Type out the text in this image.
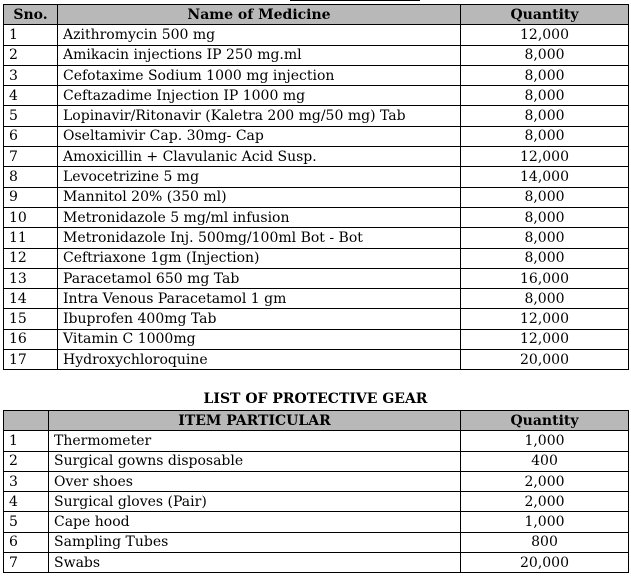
Sno.	Name of Medicine	Quantity
1	Azithromycin 500 mg	12,000
2	Amikacin injections IP 250 mg.ml	8,000
3	Cefotaxime Sodium 1000 mg injection	8,000
4	Ceftazadime Injection IP 1000 mg	8,000
5	Lopinavir/Ritonavir (Kaletra 200 mg/50 mg) Tab	8,000
6	Oseltamivir Cap. 30mg- Cap	8,000
7	Amoxicillin + Clavulanic Acid Susp.	12,000
8	Levocetrizine 5 mg	14,000
9	Mannitol 20% (350 ml)	8,000
10	Metronidazole 5 mg/ml infusion	8,000
11	Metronidazole Inj. 500mg/100ml Bot - Bot	8,000
12	Ceftriaxone 1gm (Injection)	8,000
13	Paracetamol 650 mg Tab	16,000
14	Intra Venous Paracetamol 1 gm	8,000
15	Ibuprofen 400mg Tab	12,000
16	Vitamin C 1000mg	12,000
17	Hydroxychloroquine	20,000
LIST OF PROTECTIVE GEAR
	ITEM PARTICULAR	Quantity
1	Thermometer	1,000
2	Surgical gowns disposable	400
3	Over shoes	2,000
4	Surgical gloves (Pair)	2,000
5	Cape hood	1,000
6	Sampling Tubes	800
7	Swabs	20,000
